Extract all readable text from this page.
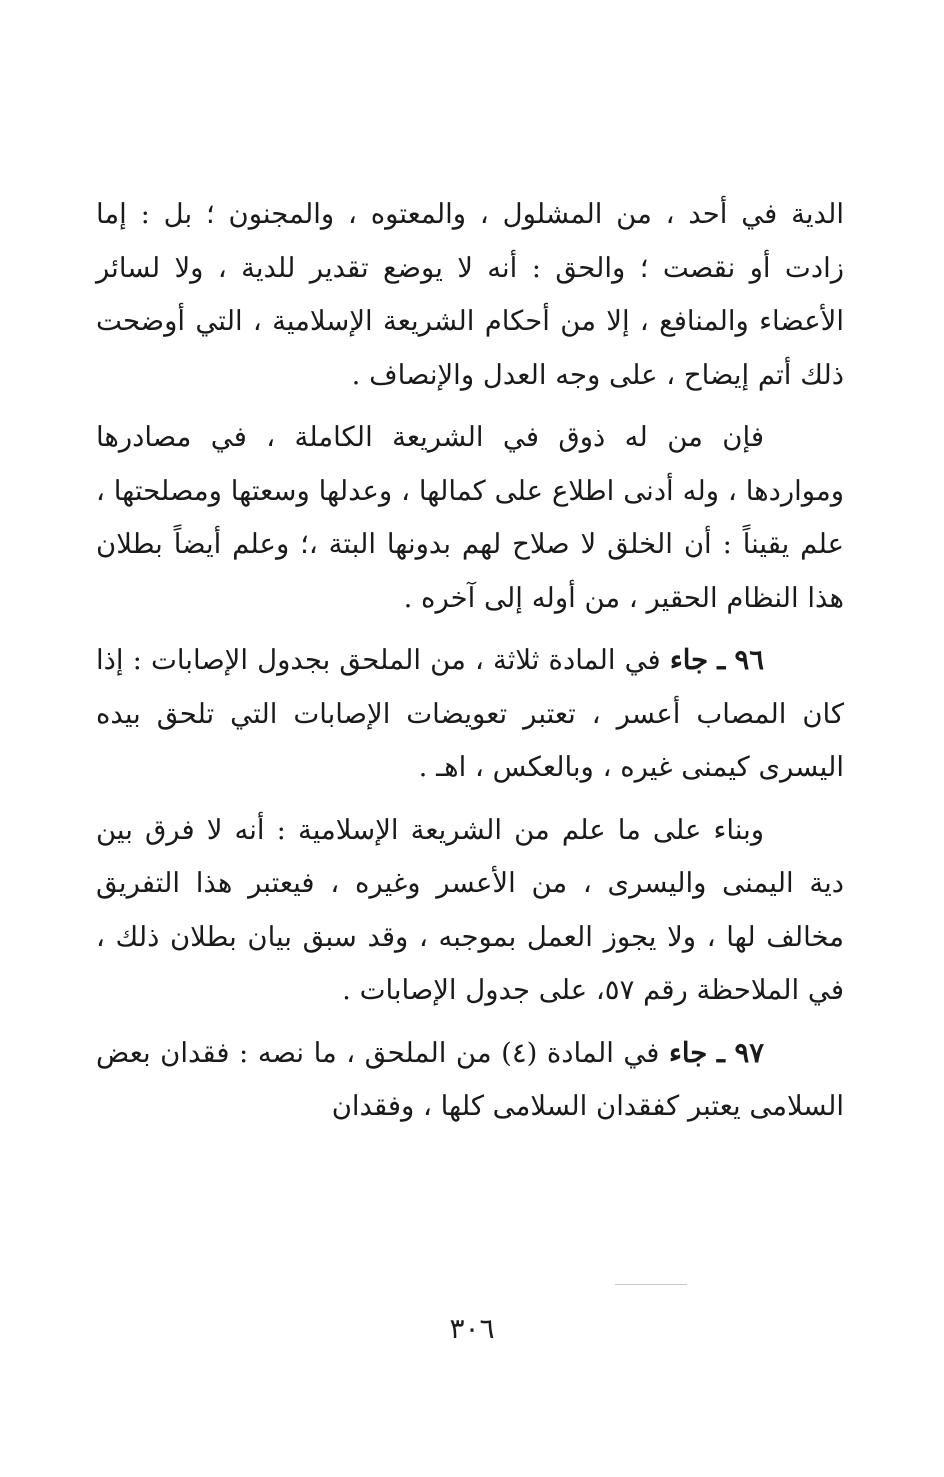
الدية في أحد ، من المشلول ، والمعتوه ، والمجنون ؛ بل : إما زادت أو نقصت ؛ والحق : أنه لا يوضع تقدير للدية ، ولا لسائر الأعضاء والمنافع ، إلا من أحكام الشريعة الإسلامية ، التي أوضحت ذلك أتم إيضاح ، على وجه العدل والإنصاف .

فإن من له ذوق في الشريعة الكاملة ، في مصادرها ومواردها ، وله أدنى اطلاع على كمالها ، وعدلها وسعتها ومصلحتها ، علم يقيناً : أن الخلق لا صلاح لهم بدونها البتة ،؛ وعلم أيضاً بطلان هذا النظام الحقير ، من أوله إلى آخره .

٩٦ ـ جاء في المادة ثلاثة ، من الملحق بجدول الإصابات : إذا كان المصاب أعسر ، تعتبر تعويضات الإصابات التي تلحق بيده اليسرى كيمنى غيره ، وبالعكس ، اهـ .

وبناء على ما علم من الشريعة الإسلامية : أنه لا فرق بين دية اليمنى واليسرى ، من الأعسر وغيره ، فيعتبر هذا التفريق مخالف لها ، ولا يجوز العمل بموجبه ، وقد سبق بيان بطلان ذلك ، في الملاحظة رقم ٥٧، على جدول الإصابات .

٩٧ ـ جاء في المادة (٤) من الملحق ، ما نصه : فقدان بعض السلامى يعتبر كفقدان السلامى كلها ، وفقدان

٣٠٦
